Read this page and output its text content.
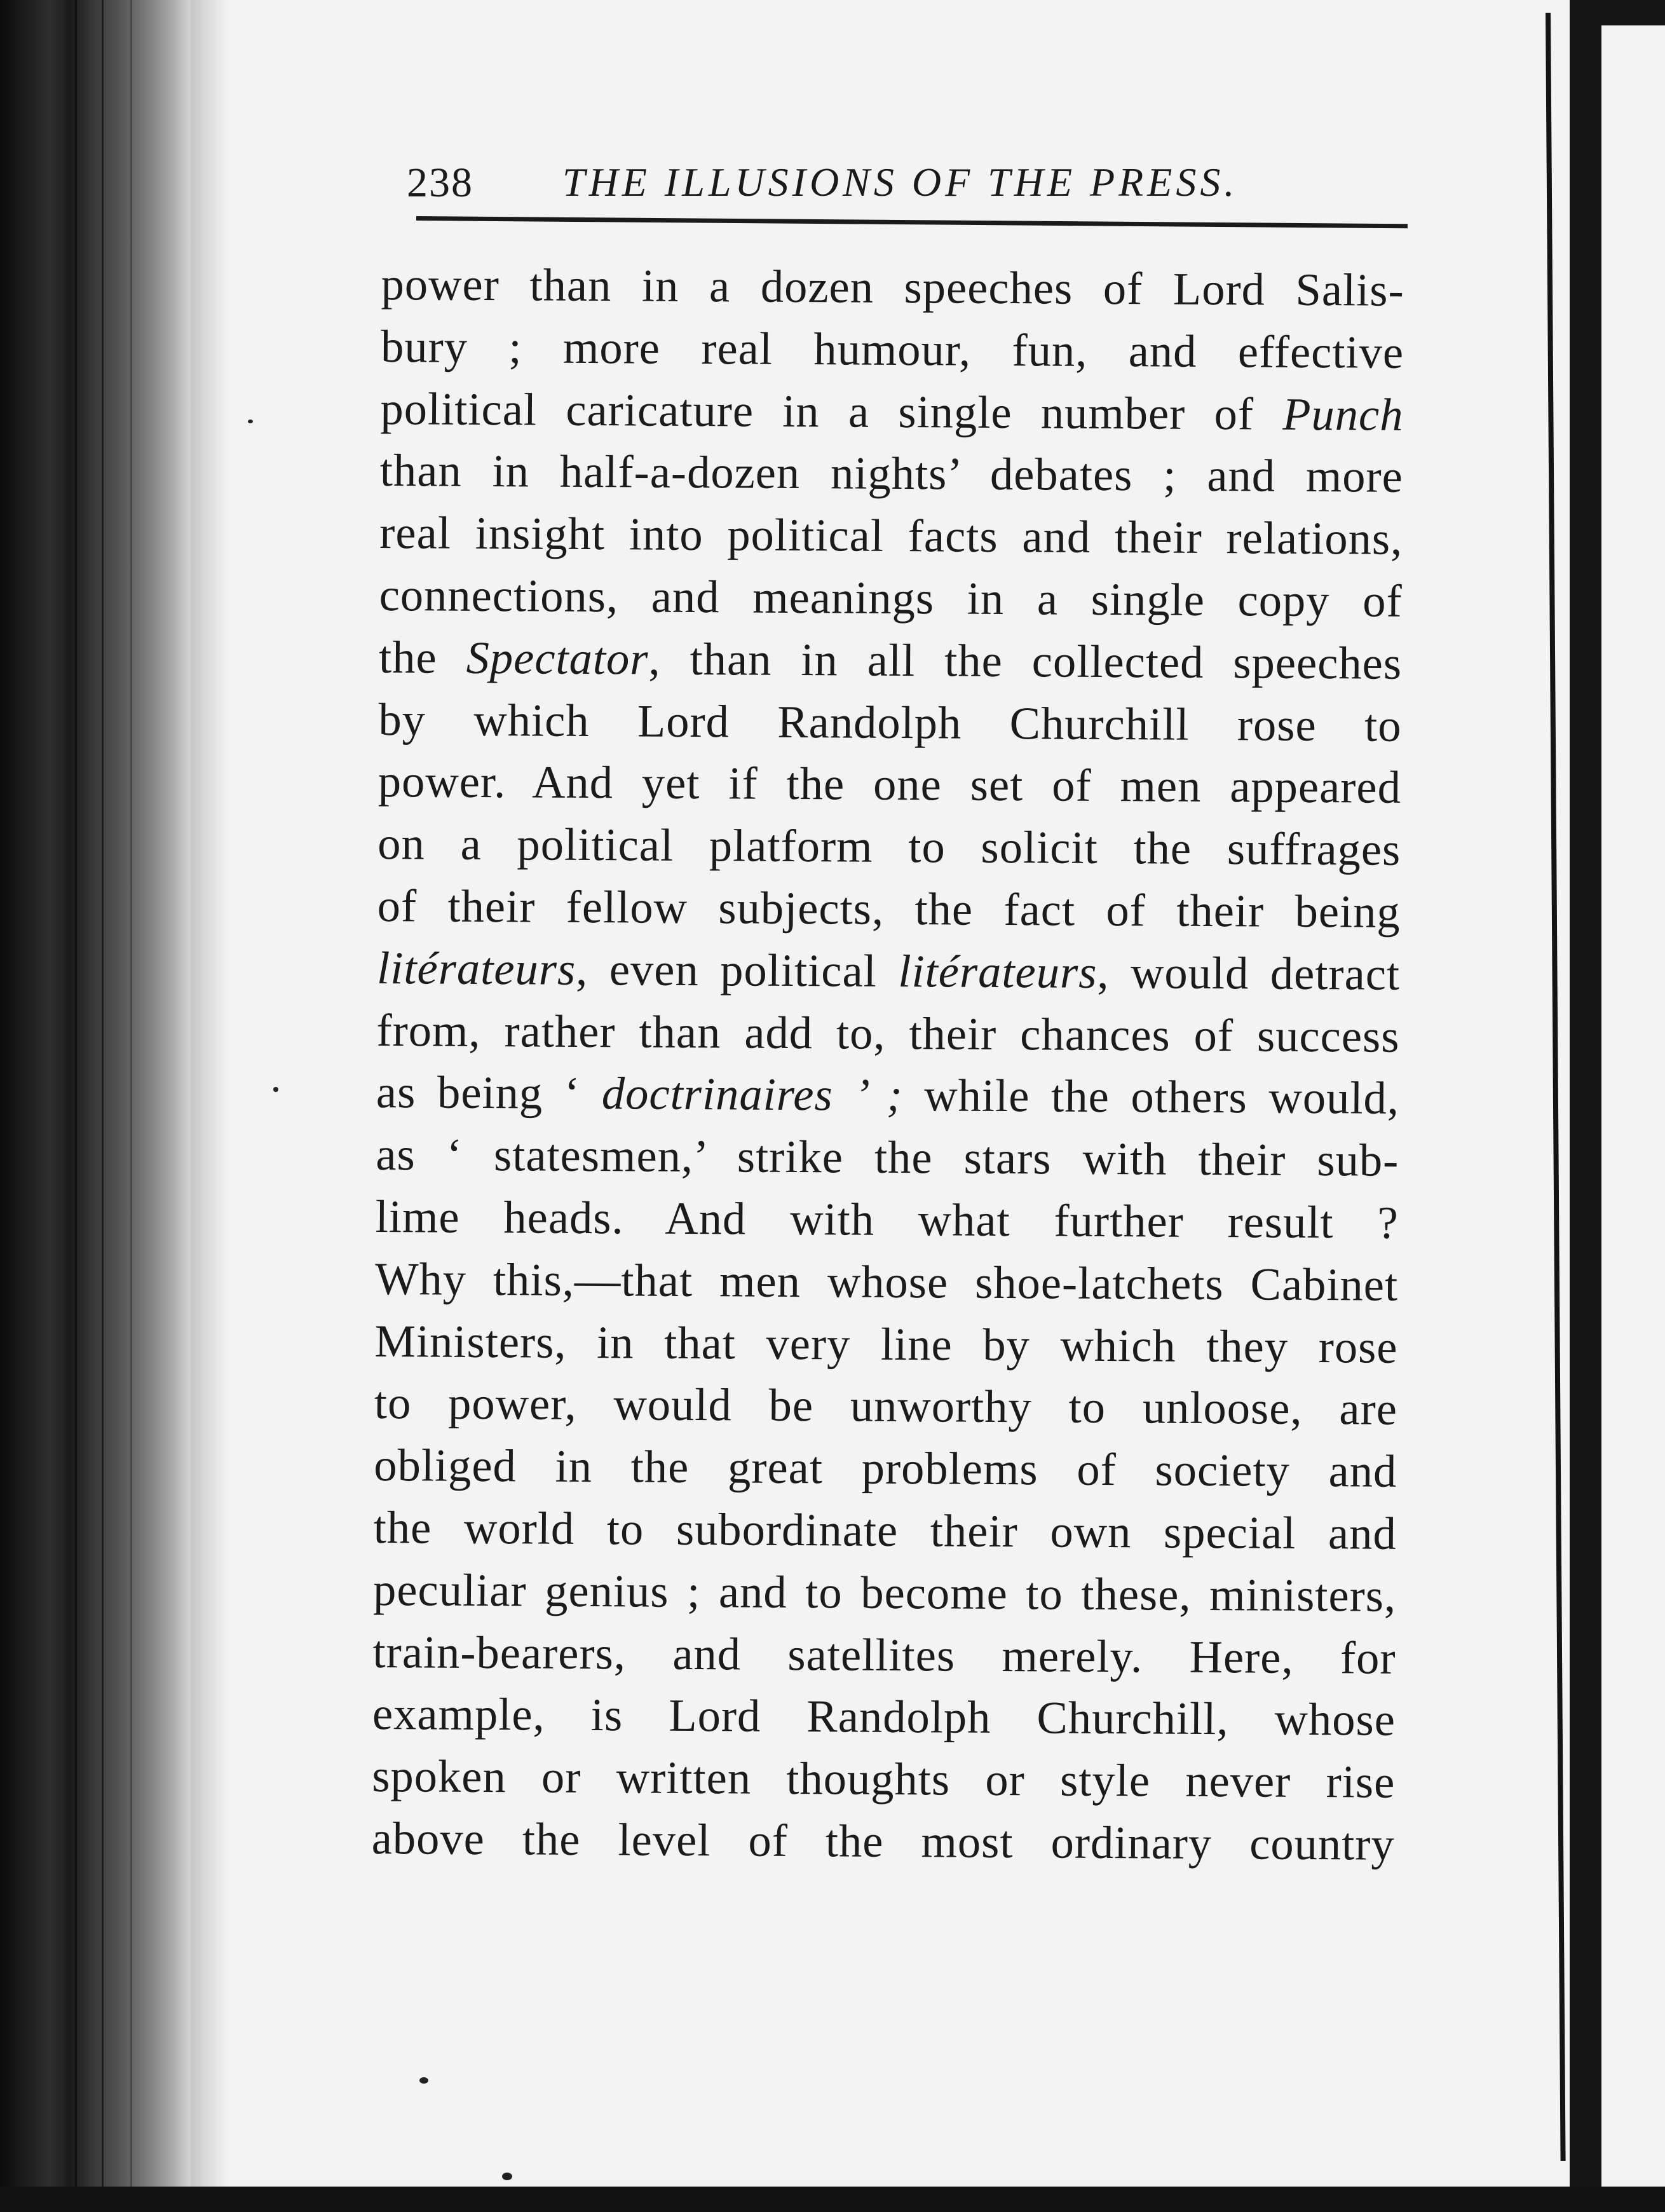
238 THE ILLUSIONS OF THE PRESS.
power than in a dozen speeches of Lord Salis-
bury ; more real humour, fun, and effective
political caricature in a single number of Punch
than in half-a-dozen nights’ debates ; and more
real insight into political facts and their relations,
connections, and meanings in a single copy of
the Spectator, than in all the collected speeches
by which Lord Randolph Churchill rose to
power. And yet if the one set of men appeared
on a political platform to solicit the suffrages
of their fellow subjects, the fact of their being
litérateurs, even political litérateurs, would detract
from, rather than add to, their chances of success
as being ‘ doctrinaires ’ ; while the others would,
as ‘ statesmen,’ strike the stars with their sub-
lime heads. And with what further result ?
Why this,—that men whose shoe-latchets Cabinet
Ministers, in that very line by which they rose
to power, would be unworthy to unloose, are
obliged in the great problems of society and
the world to subordinate their own special and
peculiar genius ; and to become to these, ministers,
train-bearers, and satellites merely. Here, for
example, is Lord Randolph Churchill, whose
spoken or written thoughts or style never rise
above the level of the most ordinary country
